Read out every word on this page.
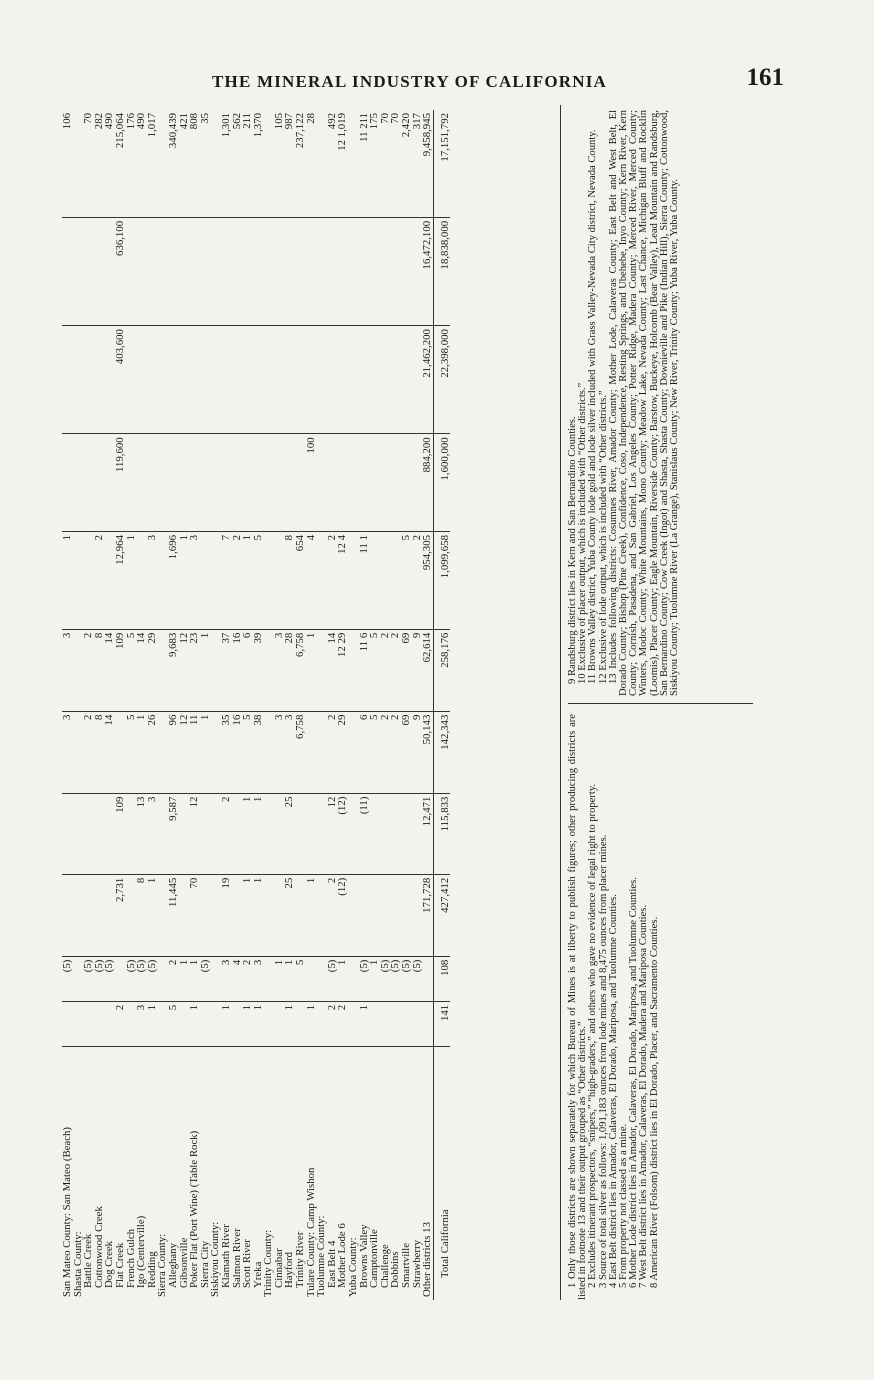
THE MINERAL INDUSTRY OF CALIFORNIA	161
San Mateo County: San Mateo (Beach)		(5)			3	3	1				106
Shasta County:											
Battle Creek		(5)			2	2					70
Cottonwood Creek		(5)			8	8	2				282
Dog Creek		(5)			14	14					490
Flat Creek	2		2,731	109		109	12,964	119,600	403,600	636,100	215,064
French Gulch		(5)			5	5	1				176
Igo (Centerville)	3	(5)	8	13	1	14					490
Redding	1	(5)	1	3	26	29	3				1,017
Sierra County:											
Alleghany	5	2	11,445	9,587	96	9,683	1,696				340,439
Gibsonville		1			12	12	1				421
Poker Flat (Port Wine) (Table Rock)	1	1	70	12	11	23	3				808
Sierra City		(5)			1	1					35
Siskiyou County:											
Klamath River	1	3	19	2	35	37	7				1,301
Salmon River		4			16	16	2				562
Scott River	1	2	1	1	5	6	1				211
Yreka	1	3	1	1	38	39	5				1,370
Trinity County:											
Cinnabar		1			3	3					105
Hayford	1	1	25	25	3	28	8				987
Trinity River		5			6,758	6,758	654				237,122
Tulare County: Camp Wishon	1		1			1	4	100			28
Tuolumne County:											
East Belt 4	2	(5)	2	12	2	14	2				492
Mother Lode 6	2	1	(12)	(12)	29	12 29	12 4				12 1,019
Yuba County:											
Browns Valley	1	(5)		(11)	6	11 6	11 1				11 211
Camptonville		1			5	5					175
Challenge		(5)			2	2					70
Dobbins		(5)			2	2					70
Smartville		(5)			69	69	5				2,420
Strawberry		(5)			9	9	2				317
Other districts 13			171,728	12,471	50,143	62,614	954,305	884,200	21,462,200	16,472,100	9,458,945
Total California	141	108	427,412	115,833	142,343	258,176	1,099,658	1,600,000	22,398,000	18,838,000	17,151,792

1 Only those districts are shown separately for which Bureau of Mines is at liberty to publish figures; other producing districts are listed in footnote 13 and their output grouped as “Other districts.” 2 Excludes itinerant prospectors, “snipers,” “high-graders,” and others who gave no evidence of legal right to property. 3 Source of total silver as follows: 1,091,183 ounces from lode mines and 8,475 ounces from placer mines. 4 East Belt district lies in Amador, Calaveras, El Dorado, Mariposa, and Tuolumne Counties. 5 From property not classed as a mine. 6 Mother Lode district lies in Amador, Calaveras, El Dorado, Mariposa, and Tuolumne Counties. 7 West Belt district lies in Amador, Calaveras, El Dorado, Madera and Mariposa Counties. 8 American River (Folsom) district lies in El Dorado, Placer, and Sacramento Counties.

9 Randsburg district lies in Kern and San Bernardino Counties. 10 Exclusive of placer output, which is included with “Other districts.” 11 Browns Valley district, Yuba County lode gold and lode silver included with Grass Valley-Nevada City district, Nevada County. 12 Exclusive of lode output, which is included with “Other districts.” 13 Includes following districts: Cosumnes River, Amador County; Mother Lode, Calaveras County; East Belt and West Belt, El Dorado County; Bishop (Pine Creek), Confidence, Coso, Independence, Resting Springs, and Ubehebe, Inyo County; Kern River, Kern County; Cornish, Pasadena, and San Gabriel, Los Angeles County; Potter Ridge, Madera County; Merced River, Merced County; Winters, Modoc County; White Mountains, Mono County; Meadow Lake, Nevada County; Last Chance, Michigan Bluff and Rocklin (Loomis), Placer County; Eagle Mountain, Riverside County; Barstow, Buckeye, Holcomb (Bear Valley), Lead Mountain and Randsburg, San Bernardino County; Cow Creek (Ingot) and Shasta, Shasta County; Downieville and Pike (Indian Hill), Sierra County; Cottonwood, Siskiyou County; Tuolumne River (La Grange), Stanislaus County; New River, Trinity County; Yuba River, Yuba County.
